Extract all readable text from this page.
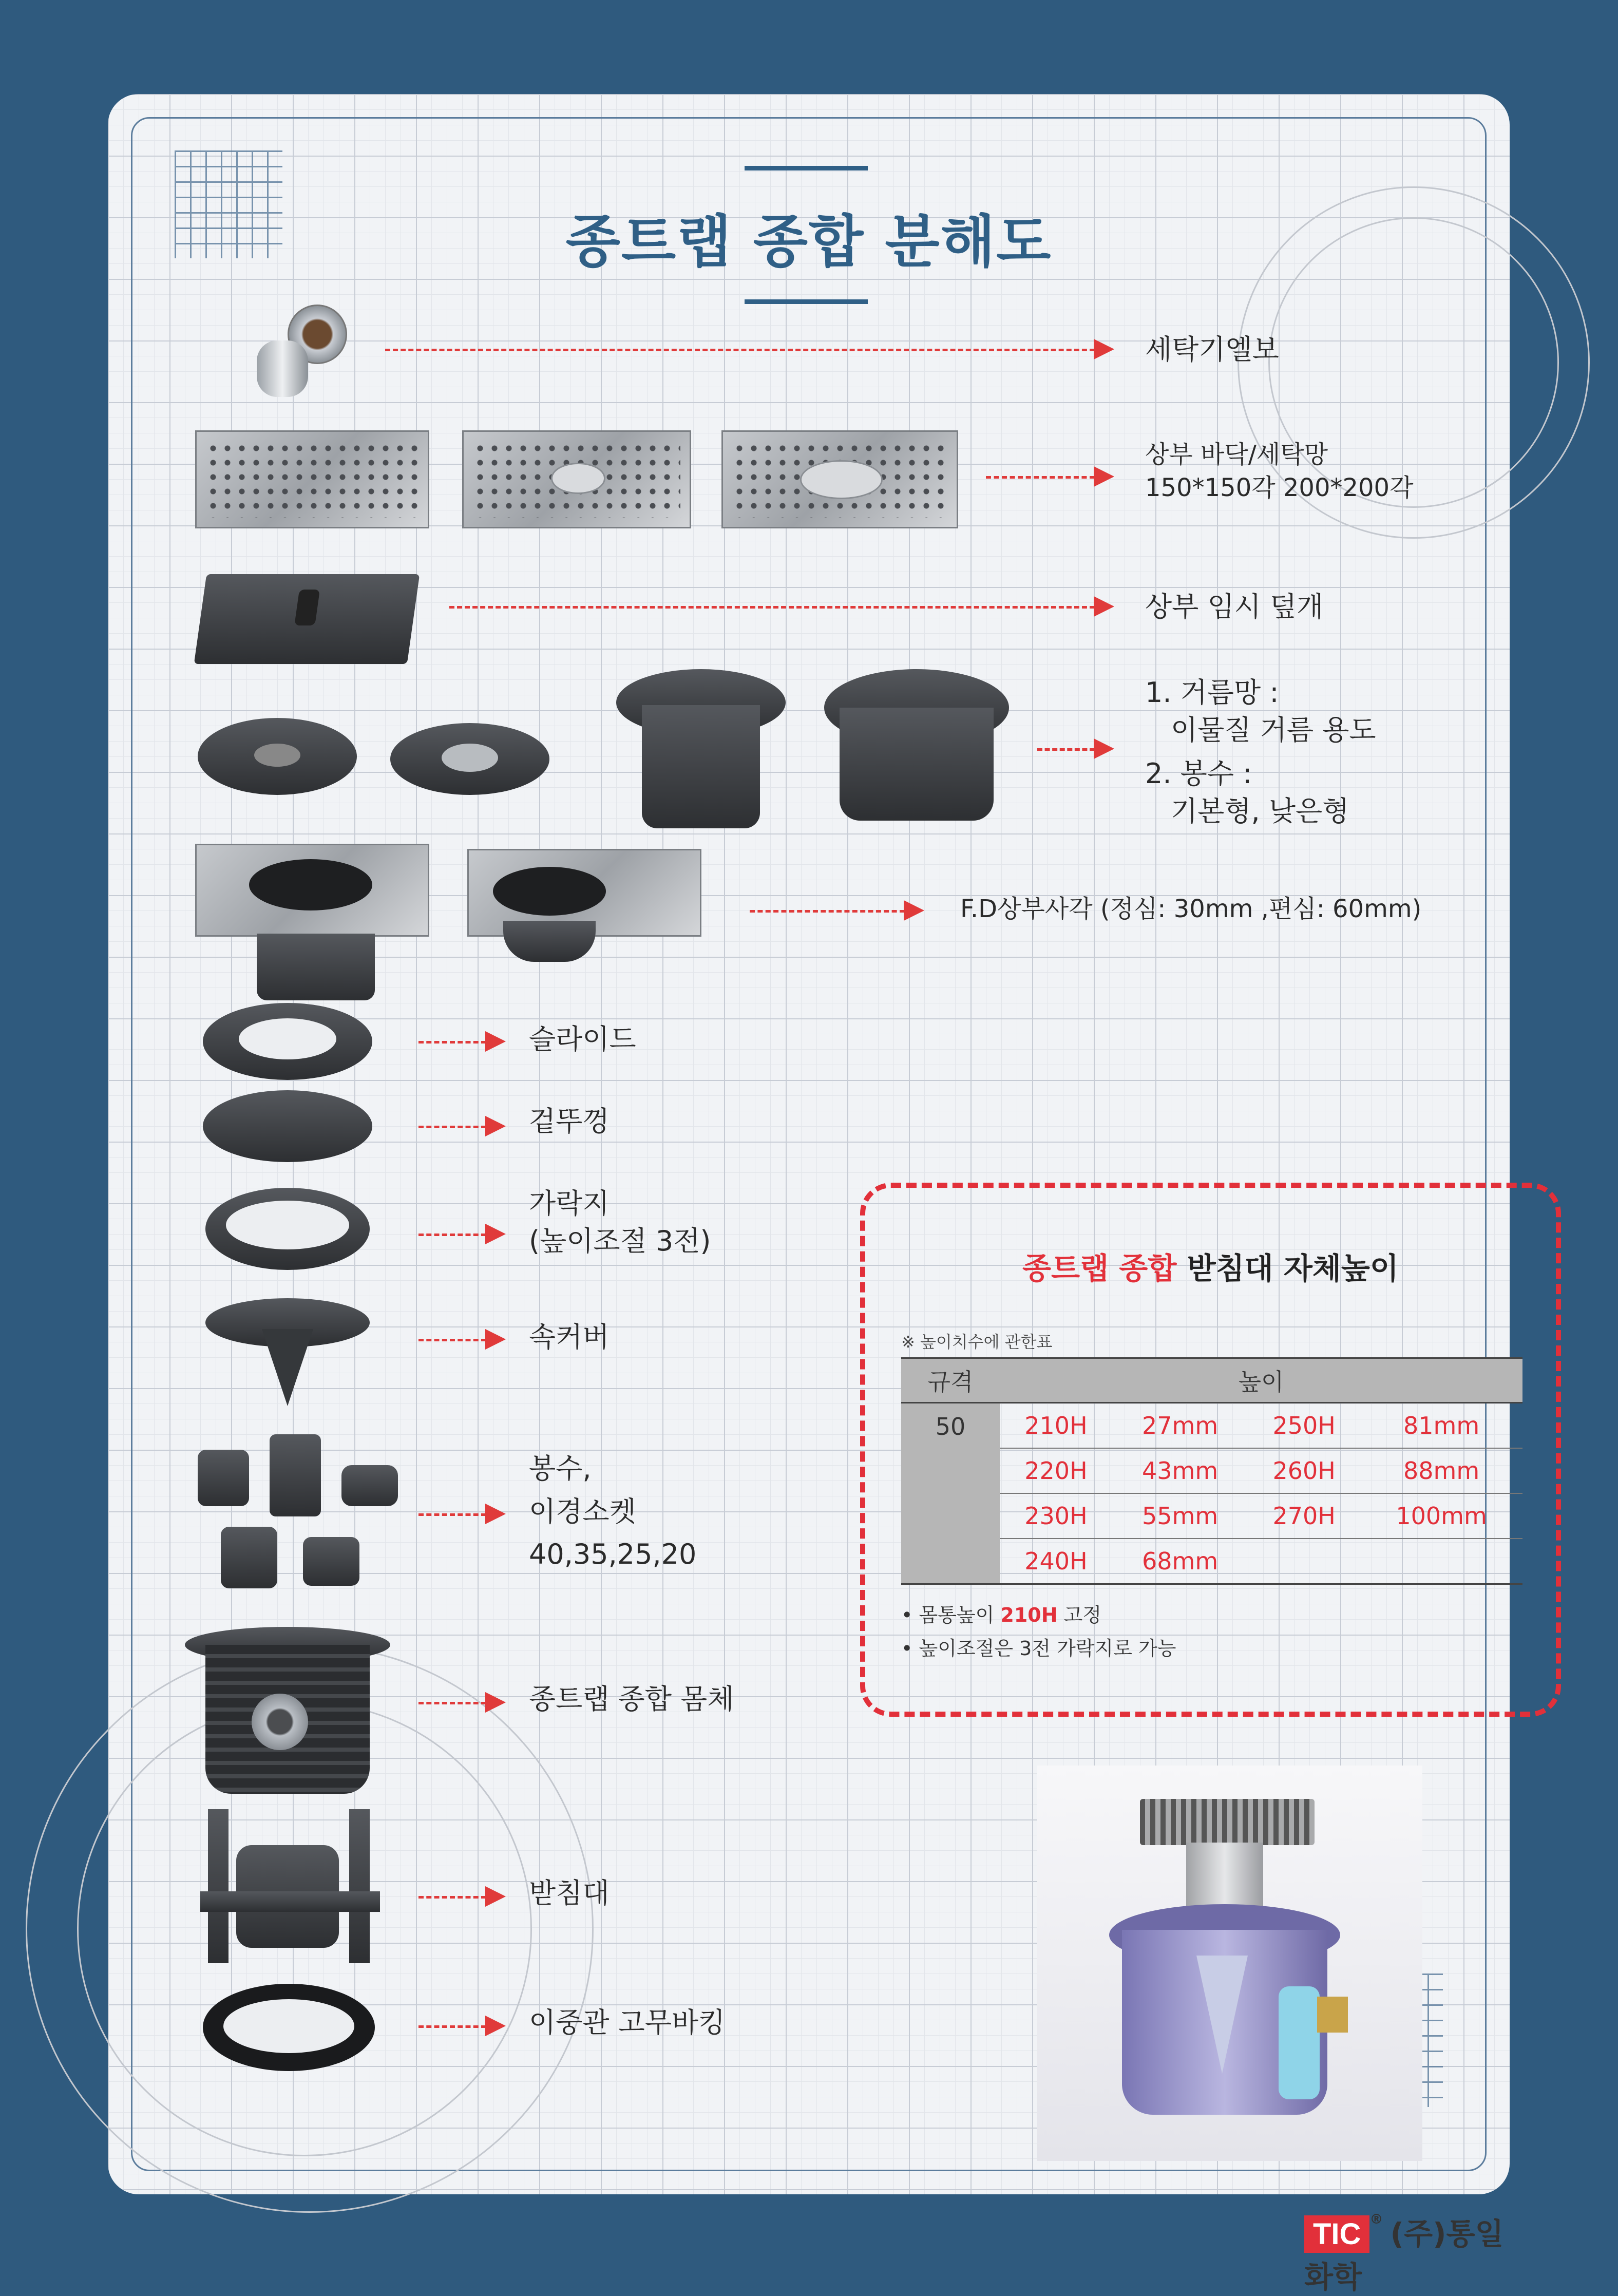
종트랩 종합 분해도
세탁기엘보
상부 바닥/세탁망
150*150각 200*200각
상부 임시 덮개
1. 거름망 :
이물질 거름 용도
2. 봉수 :
기본형, 낮은형
F.D상부사각 (정심: 30mm ,편심: 60mm)
슬라이드
겉뚜껑
가락지
(높이조절 3전)
속커버
봉수,
이경소켓
40,35,25,20
종트랩 종합 몸체
받침대
이중관 고무바킹
종트랩 종합 받침대 자체높이
※ 높이치수에 관한표
규격	높이			
50	210H	27mm	250H	81mm
	220H	43mm	260H	88mm
	230H	55mm	270H	100mm
	240H	68mm		
• 몸통높이 210H 고정
• 높이조절은 3전 가락지로 가능
TIC ® (주)통일화학
